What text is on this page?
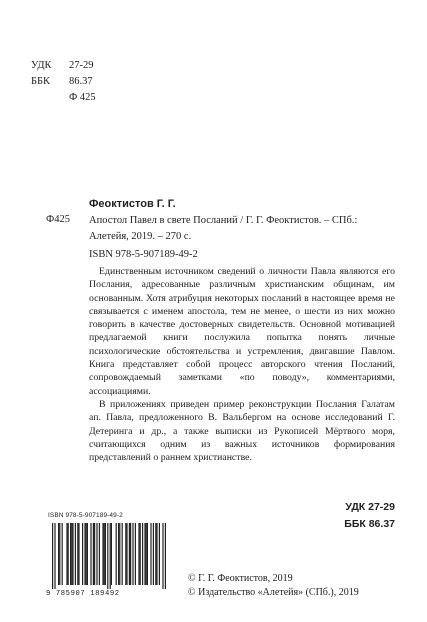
УДК 27-29
ББК 86.37
Ф 425
Феоктистов Г. Г.
Ф425 Апостол Павел в свете Посланий / Г. Г. Феоктистов. – СПб.: Алетейя, 2019. – 270 с.
ISBN 978-5-907189-49-2

Единственным источником сведений о личности Павла являются его Послания, адресованные различным христианским общинам, им основанным. Хотя атрибуция некоторых посланий в настоящее время не связывается с именем апостола, тем не менее, о шести из них можно говорить в качестве достоверных свидетельств. Основной мотивацией предлагаемой книги послужила попытка понять личные психологические обстоятельства и устремления, двигавшие Павлом. Книга представляет собой процесс авторского чтения Посланий, сопровождаемый заметками «по поводу», комментариями, ассоциациями.

В приложениях приведен пример реконструкции Послания Галатам ап. Павла, предложенного В. Вальбергом на основе исследований Г. Детеринга и др., а также выписки из Рукописей Мёртвого моря, считающихся одним из важных источников формирования представлений о раннем христианстве.

УДК 27-29
ББК 86.37
ISBN 978-5-907189-49-2
9 785907 189492
© Г. Г. Феоктистов, 2019
© Издательство «Алетейя» (СПб.), 2019
